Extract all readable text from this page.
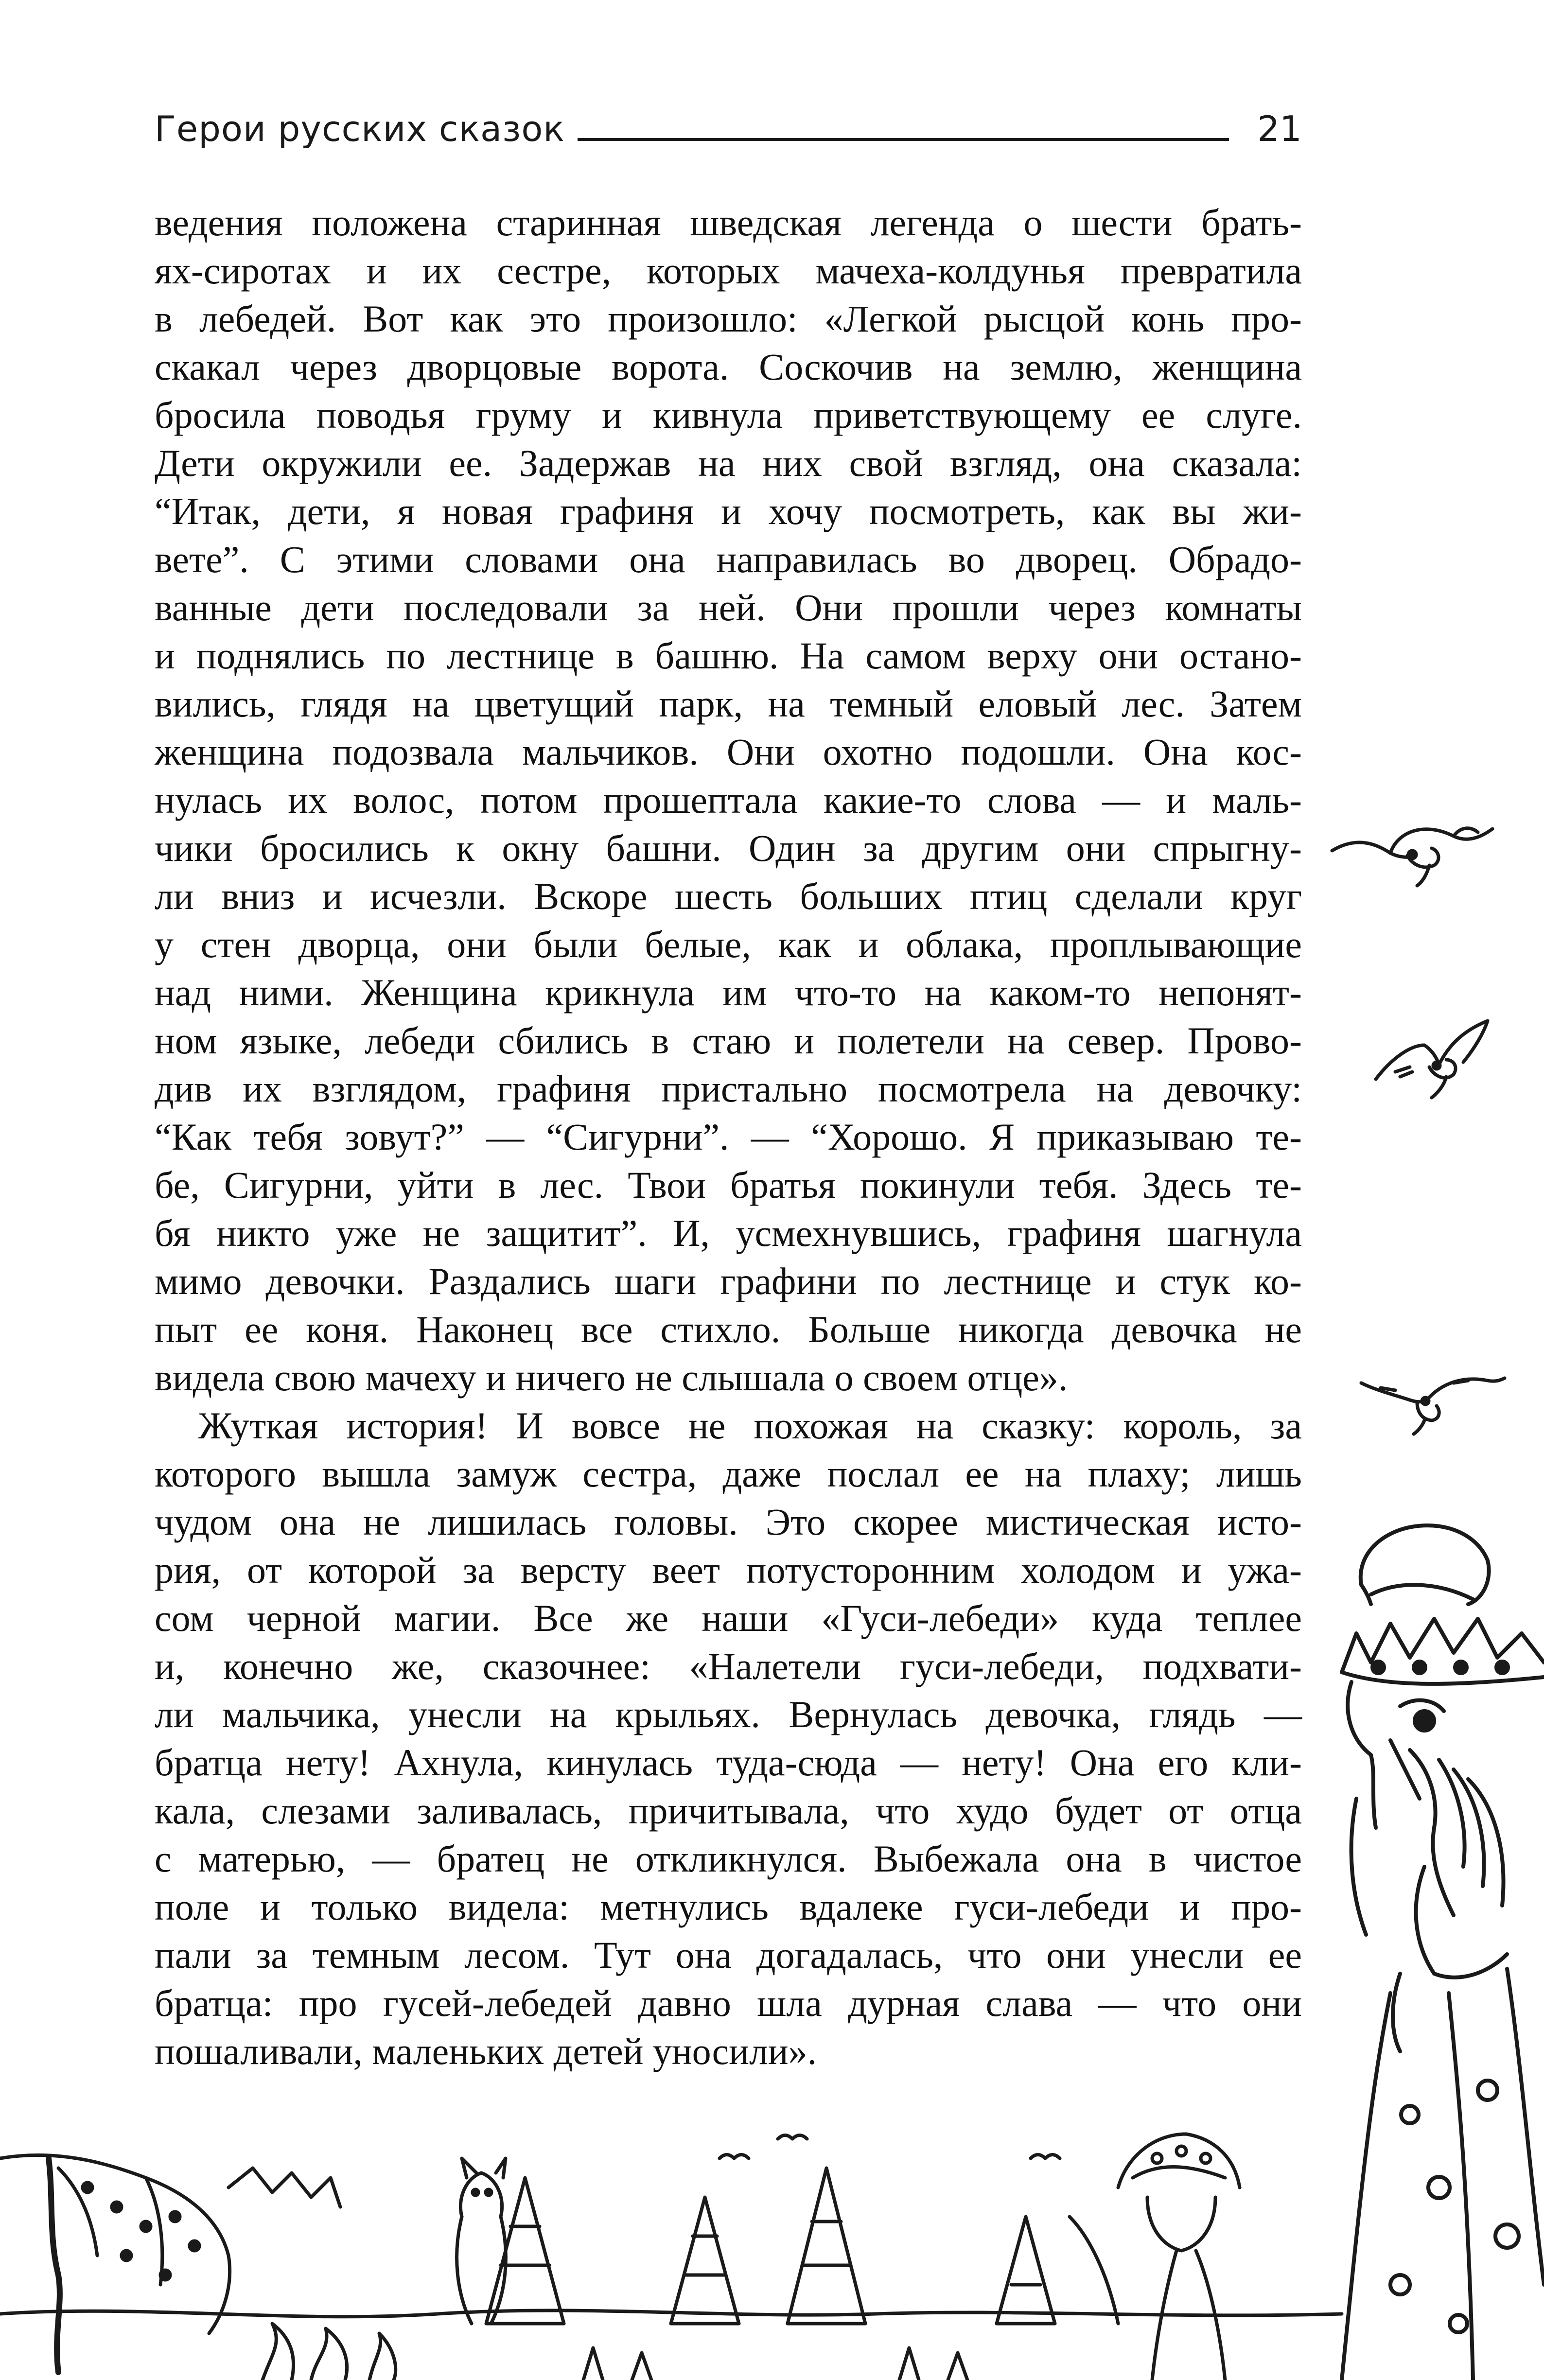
Герои русских сказок	21
ведения положена старинная шведская легенда о шести брать-
ях-сиротах и их сестре, которых мачеха-колдунья превратила
в лебедей. Вот как это произошло: «Легкой рысцой конь про-
скакал через дворцовые ворота. Соскочив на землю, женщина
бросила поводья груму и кивнула приветствующему ее слуге.
Дети окружили ее. Задержав на них свой взгляд, она сказала:
“Итак, дети, я новая графиня и хочу посмотреть, как вы жи-
вете”. С этими словами она направилась во дворец. Обрадо-
ванные дети последовали за ней. Они прошли через комнаты
и поднялись по лестнице в башню. На самом верху они остано-
вились, глядя на цветущий парк, на темный еловый лес. Затем
женщина подозвала мальчиков. Они охотно подошли. Она кос-
нулась их волос, потом прошептала какие-то слова — и маль-
чики бросились к окну башни. Один за другим они спрыгну-
ли вниз и исчезли. Вскоре шесть больших птиц сделали круг
у стен дворца, они были белые, как и облака, проплывающие
над ними. Женщина крикнула им что-то на каком-то непонят-
ном языке, лебеди сбились в стаю и полетели на север. Прово-
див их взглядом, графиня пристально посмотрела на девочку:
“Как тебя зовут?” — “Сигурни”. — “Хорошо. Я приказываю те-
бе, Сигурни, уйти в лес. Твои братья покинули тебя. Здесь те-
бя никто уже не защитит”. И, усмехнувшись, графиня шагнула
мимо девочки. Раздались шаги графини по лестнице и стук ко-
пыт ее коня. Наконец все стихло. Больше никогда девочка не
видела свою мачеху и ничего не слышала о своем отце».
Жуткая история! И вовсе не похожая на сказку: король, за
которого вышла замуж сестра, даже послал ее на плаху; лишь
чудом она не лишилась головы. Это скорее мистическая исто-
рия, от которой за версту веет потусторонним холодом и ужа-
сом черной магии. Все же наши «Гуси-лебеди» куда теплее
и, конечно же, сказочнее: «Налетели гуси-лебеди, подхвати-
ли мальчика, унесли на крыльях. Вернулась девочка, глядь —
братца нету! Ахнула, кинулась туда-сюда — нету! Она его кли-
кала, слезами заливалась, причитывала, что худо будет от отца
с матерью, — братец не откликнулся. Выбежала она в чистое
поле и только видела: метнулись вдалеке гуси-лебеди и про-
пали за темным лесом. Тут она догадалась, что они унесли ее
братца: про гусей-лебедей давно шла дурная слава — что они
пошаливали, маленьких детей уносили».
